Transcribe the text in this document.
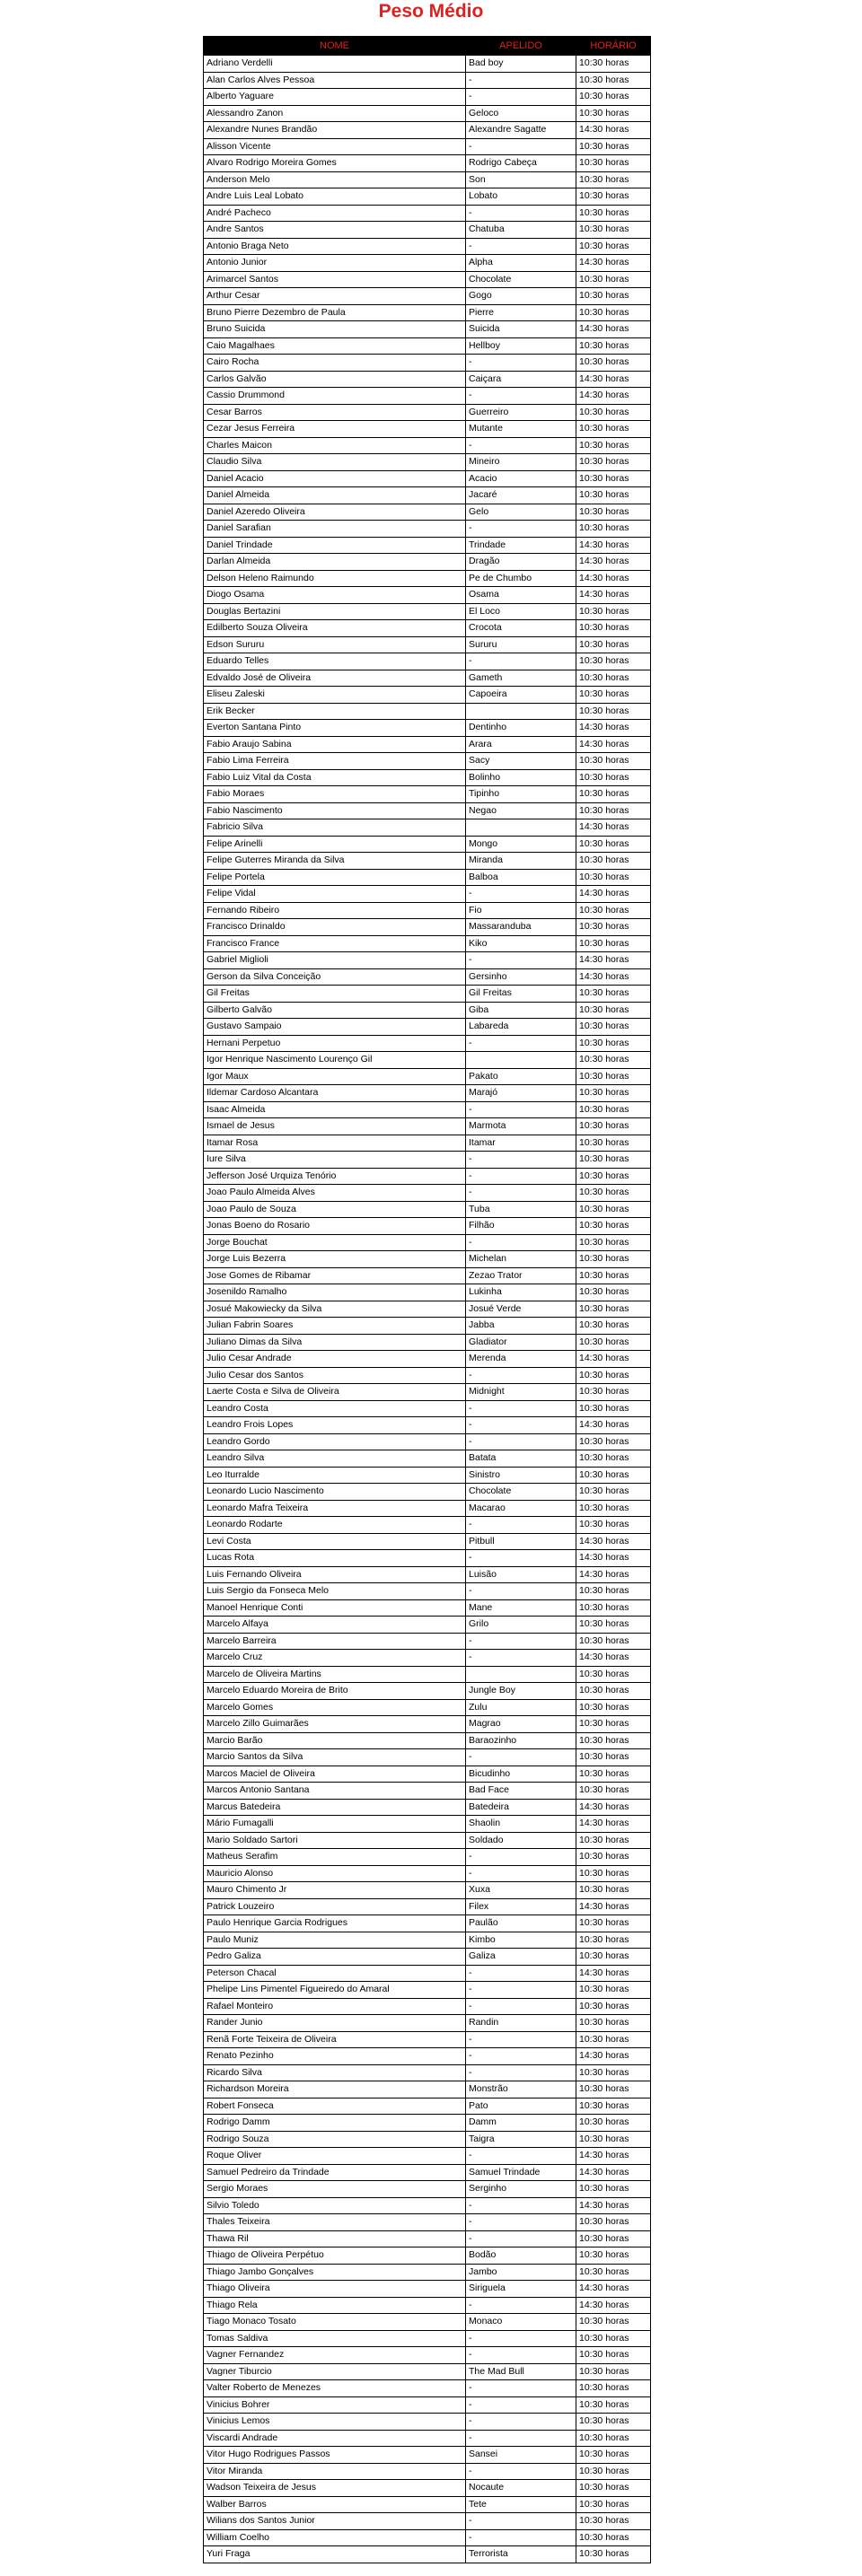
Peso Médio
NOME	APELIDO	HORÁRIO
Adriano Verdelli	Bad boy	10:30 horas
Alan Carlos Alves Pessoa	-	10:30 horas
Alberto Yaguare	-	10:30 horas
Alessandro Zanon	Geloco	10:30 horas
Alexandre Nunes Brandão	Alexandre Sagatte	14:30 horas
Alisson Vicente	-	10:30 horas
Alvaro Rodrigo Moreira Gomes	Rodrigo Cabeça	10:30 horas
Anderson Melo	Son	10:30 horas
Andre Luis Leal Lobato	Lobato	10:30 horas
André Pacheco	-	10:30 horas
Andre Santos	Chatuba	10:30 horas
Antonio Braga Neto	-	10:30 horas
Antonio Junior	Alpha	14:30 horas
Arimarcel Santos	Chocolate	10:30 horas
Arthur Cesar	Gogo	10:30 horas
Bruno Pierre Dezembro de Paula	Pierre	10:30 horas
Bruno Suicida	Suicida	14:30 horas
Caio Magalhaes	Hellboy	10:30 horas
Cairo Rocha	-	10:30 horas
Carlos Galvão	Caiçara	14:30 horas
Cassio Drummond	-	14:30 horas
Cesar Barros	Guerreiro	10:30 horas
Cezar Jesus Ferreira	Mutante	10:30 horas
Charles Maicon	-	10:30 horas
Claudio Silva	Mineiro	10:30 horas
Daniel Acacio	Acacio	10:30 horas
Daniel Almeida	Jacaré	10:30 horas
Daniel Azeredo Oliveira	Gelo	10:30 horas
Daniel Sarafian	-	10:30 horas
Daniel Trindade	Trindade	14:30 horas
Darlan Almeida	Dragão	14:30 horas
Delson Heleno Raimundo	Pe de Chumbo	14:30 horas
Diogo Osama	Osama	14:30 horas
Douglas Bertazini	El Loco	10:30 horas
Edilberto Souza Oliveira	Crocota	10:30 horas
Edson Sururu	Sururu	10:30 horas
Eduardo Telles	-	10:30 horas
Edvaldo José de Oliveira	Gameth	10:30 horas
Eliseu Zaleski	Capoeira	10:30 horas
Erik Becker		10:30 horas
Everton Santana Pinto	Dentinho	14:30 horas
Fabio Araujo Sabina	Arara	14:30 horas
Fabio Lima Ferreira	Sacy	10:30 horas
Fabio Luiz Vital da Costa	Bolinho	10:30 horas
Fabio Moraes	Tipinho	10:30 horas
Fabio Nascimento	Negao	10:30 horas
Fabricio Silva		14:30 horas
Felipe Arinelli	Mongo	10:30 horas
Felipe Guterres Miranda da Silva	Miranda	10:30 horas
Felipe Portela	Balboa	10:30 horas
Felipe Vidal	-	14:30 horas
Fernando Ribeiro	Fio	10:30 horas
Francisco Drinaldo	Massaranduba	10:30 horas
Francisco France	Kiko	10:30 horas
Gabriel Miglioli	-	14:30 horas
Gerson da Silva Conceição	Gersinho	14:30 horas
Gil Freitas	Gil Freitas	10:30 horas
Gilberto Galvão	Giba	10:30 horas
Gustavo Sampaio	Labareda	10:30 horas
Hernani Perpetuo	-	10:30 horas
Igor Henrique Nascimento Lourenço Gil		10:30 horas
Igor Maux	Pakato	10:30 horas
Ildemar Cardoso Alcantara	Marajó	10:30 horas
Isaac Almeida	-	10:30 horas
Ismael de Jesus	Marmota	10:30 horas
Itamar Rosa	Itamar	10:30 horas
Iure Silva	-	10:30 horas
Jefferson José Urquiza Tenório	-	10:30 horas
Joao Paulo Almeida Alves	-	10:30 horas
Joao Paulo de Souza	Tuba	10:30 horas
Jonas Boeno do Rosario	Filhão	10:30 horas
Jorge Bouchat	-	10:30 horas
Jorge Luis Bezerra	Michelan	10:30 horas
Jose Gomes de Ribamar	Zezao Trator	10:30 horas
Josenildo Ramalho	Lukinha	10:30 horas
Josué Makowiecky da Silva	Josué Verde	10:30 horas
Julian Fabrin Soares	Jabba	10:30 horas
Juliano Dimas da Silva	Gladiator	10:30 horas
Julio Cesar Andrade	Merenda	14:30 horas
Julio Cesar dos Santos	-	10:30 horas
Laerte Costa e Silva de Oliveira	Midnight	10:30 horas
Leandro Costa	-	10:30 horas
Leandro Frois Lopes	-	14:30 horas
Leandro Gordo	-	10:30 horas
Leandro Silva	Batata	10:30 horas
Leo Iturralde	Sinistro	10:30 horas
Leonardo Lucio Nascimento	Chocolate	10:30 horas
Leonardo Mafra Teixeira	Macarao	10:30 horas
Leonardo Rodarte	-	10:30 horas
Levi Costa	Pitbull	14:30 horas
Lucas Rota	-	14:30 horas
Luis Fernando Oliveira	Luisão	14:30 horas
Luis Sergio da Fonseca Melo	-	10:30 horas
Manoel Henrique Conti	Mane	10:30 horas
Marcelo Alfaya	Grilo	10:30 horas
Marcelo Barreira	-	10:30 horas
Marcelo Cruz	-	14:30 horas
Marcelo de Oliveira Martins		10:30 horas
Marcelo Eduardo Moreira de Brito	Jungle Boy	10:30 horas
Marcelo Gomes	Zulu	10:30 horas
Marcelo Zillo Guimarães	Magrao	10:30 horas
Marcio Barão	Baraozinho	10:30 horas
Marcio Santos da Silva	-	10:30 horas
Marcos Maciel de Oliveira	Bicudinho	10:30 horas
Marcos Antonio Santana	Bad Face	10:30 horas
Marcus Batedeira	Batedeira	14:30 horas
Mário Fumagalli	Shaolin	14:30 horas
Mario Soldado Sartori	Soldado	10:30 horas
Matheus Serafim	-	10:30 horas
Mauricio Alonso	-	10:30 horas
Mauro Chimento Jr	Xuxa	10:30 horas
Patrick Louzeiro	Filex	14:30 horas
Paulo Henrique Garcia Rodrigues	Paulão	10:30 horas
Paulo Muniz	Kimbo	10:30 horas
Pedro Galiza	Galiza	10:30 horas
Peterson Chacal	-	14:30 horas
Phelipe Lins Pimentel Figueiredo do Amaral	-	10:30 horas
Rafael Monteiro	-	10:30 horas
Rander Junio	Randin	10:30 horas
Renã Forte Teixeira de Oliveira	-	10:30 horas
Renato Pezinho	-	14:30 horas
Ricardo Silva	-	10:30 horas
Richardson Moreira	Monstrão	10:30 horas
Robert Fonseca	Pato	10:30 horas
Rodrigo Damm	Damm	10:30 horas
Rodrigo Souza	Taigra	10:30 horas
Roque Oliver	-	14:30 horas
Samuel Pedreiro da Trindade	Samuel Trindade	14:30 horas
Sergio Moraes	Serginho	10:30 horas
Silvio Toledo	-	14:30 horas
Thales Teixeira	-	10:30 horas
Thawa Ril	-	10:30 horas
Thiago de Oliveira Perpétuo	Bodão	10:30 horas
Thiago Jambo Gonçalves	Jambo	10:30 horas
Thiago Oliveira	Siriguela	14:30 horas
Thiago Rela	-	14:30 horas
Tiago Monaco Tosato	Monaco	10:30 horas
Tomas Saldiva	-	10:30 horas
Vagner Fernandez	-	10:30 horas
Vagner Tiburcio	The Mad Bull	10:30 horas
Valter Roberto de Menezes	-	10:30 horas
Vinicius Bohrer	-	10:30 horas
Vinicius Lemos	-	10:30 horas
Viscardi Andrade	-	10:30 horas
Vitor Hugo Rodrigues Passos	Sansei	10:30 horas
Vitor Miranda	-	10:30 horas
Wadson Teixeira de Jesus	Nocaute	10:30 horas
Walber Barros	Tete	10:30 horas
Wilians dos Santos Junior	-	10:30 horas
William Coelho	-	10:30 horas
Yuri Fraga	Terrorista	10:30 horas
